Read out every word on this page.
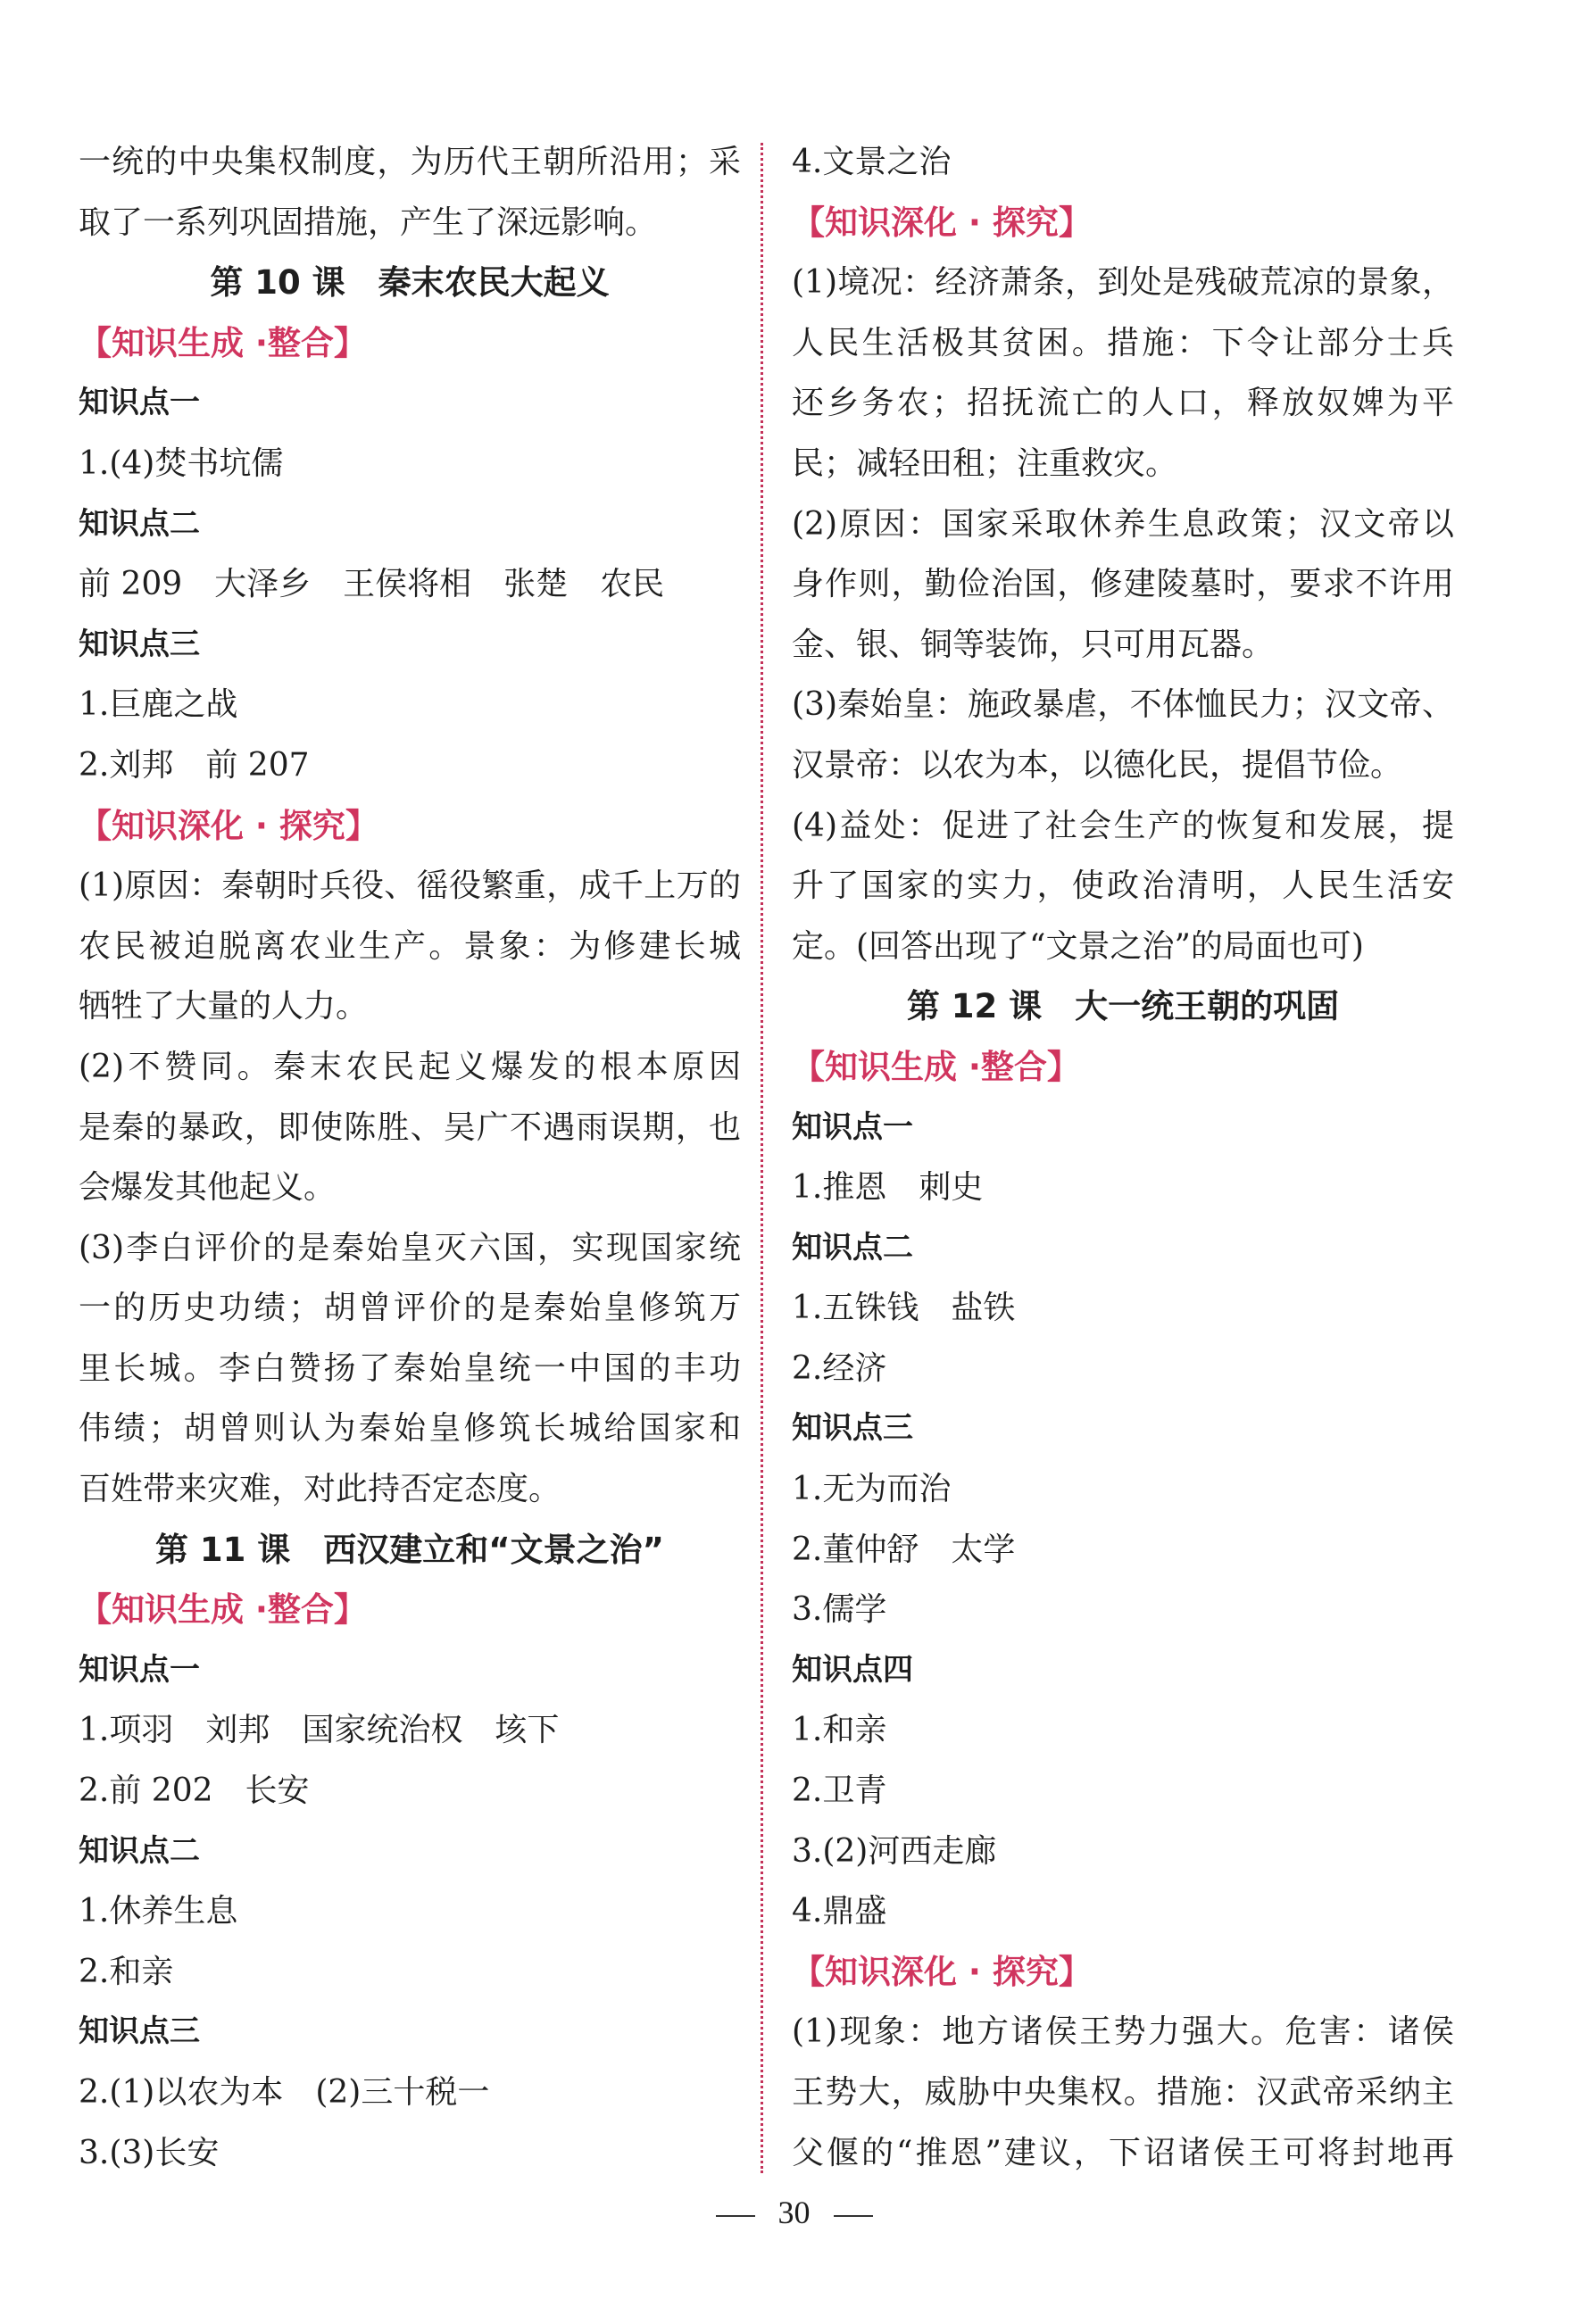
一统的中央集权制度，为历代王朝所沿用；采
取了一系列巩固措施，产生了深远影响。
第 10 课　秦末农民大起义
【知识生成 ·整合】
知识点一
1.(4)焚书坑儒
知识点二
前 209　大泽乡　王侯将相　张楚　农民
知识点三
1.巨鹿之战
2.刘邦　前 207
【知识深化 · 探究】
(1)原因：秦朝时兵役、徭役繁重，成千上万的
农民被迫脱离农业生产。景象：为修建长城
牺牲了大量的人力。
(2)不赞同。秦末农民起义爆发的根本原因
是秦的暴政，即使陈胜、吴广不遇雨误期，也
会爆发其他起义。
(3)李白评价的是秦始皇灭六国，实现国家统
一的历史功绩；胡曾评价的是秦始皇修筑万
里长城。李白赞扬了秦始皇统一中国的丰功
伟绩；胡曾则认为秦始皇修筑长城给国家和
百姓带来灾难，对此持否定态度。
第 11 课　西汉建立和“文景之治”
【知识生成 ·整合】
知识点一
1.项羽　刘邦　国家统治权　垓下
2.前 202　长安
知识点二
1.休养生息
2.和亲
知识点三
2.(1)以农为本　(2)三十税一
3.(3)长安
4.文景之治
【知识深化 · 探究】
(1)境况：经济萧条，到处是残破荒凉的景象，
人民生活极其贫困。措施：下令让部分士兵
还乡务农；招抚流亡的人口，释放奴婢为平
民；减轻田租；注重救灾。
(2)原因：国家采取休养生息政策；汉文帝以
身作则，勤俭治国，修建陵墓时，要求不许用
金、银、铜等装饰，只可用瓦器。
(3)秦始皇：施政暴虐，不体恤民力；汉文帝、
汉景帝：以农为本，以德化民，提倡节俭。
(4)益处：促进了社会生产的恢复和发展，提
升了国家的实力，使政治清明，人民生活安
定。(回答出现了“文景之治”的局面也可)
第 12 课　大一统王朝的巩固
【知识生成 ·整合】
知识点一
1.推恩　刺史
知识点二
1.五铢钱　盐铁
2.经济
知识点三
1.无为而治
2.董仲舒　太学
3.儒学
知识点四
1.和亲
2.卫青
3.(2)河西走廊
4.鼎盛
【知识深化 · 探究】
(1)现象：地方诸侯王势力强大。危害：诸侯
王势大，威胁中央集权。措施：汉武帝采纳主
父偃的“推恩”建议，下诏诸侯王可将封地再
30
